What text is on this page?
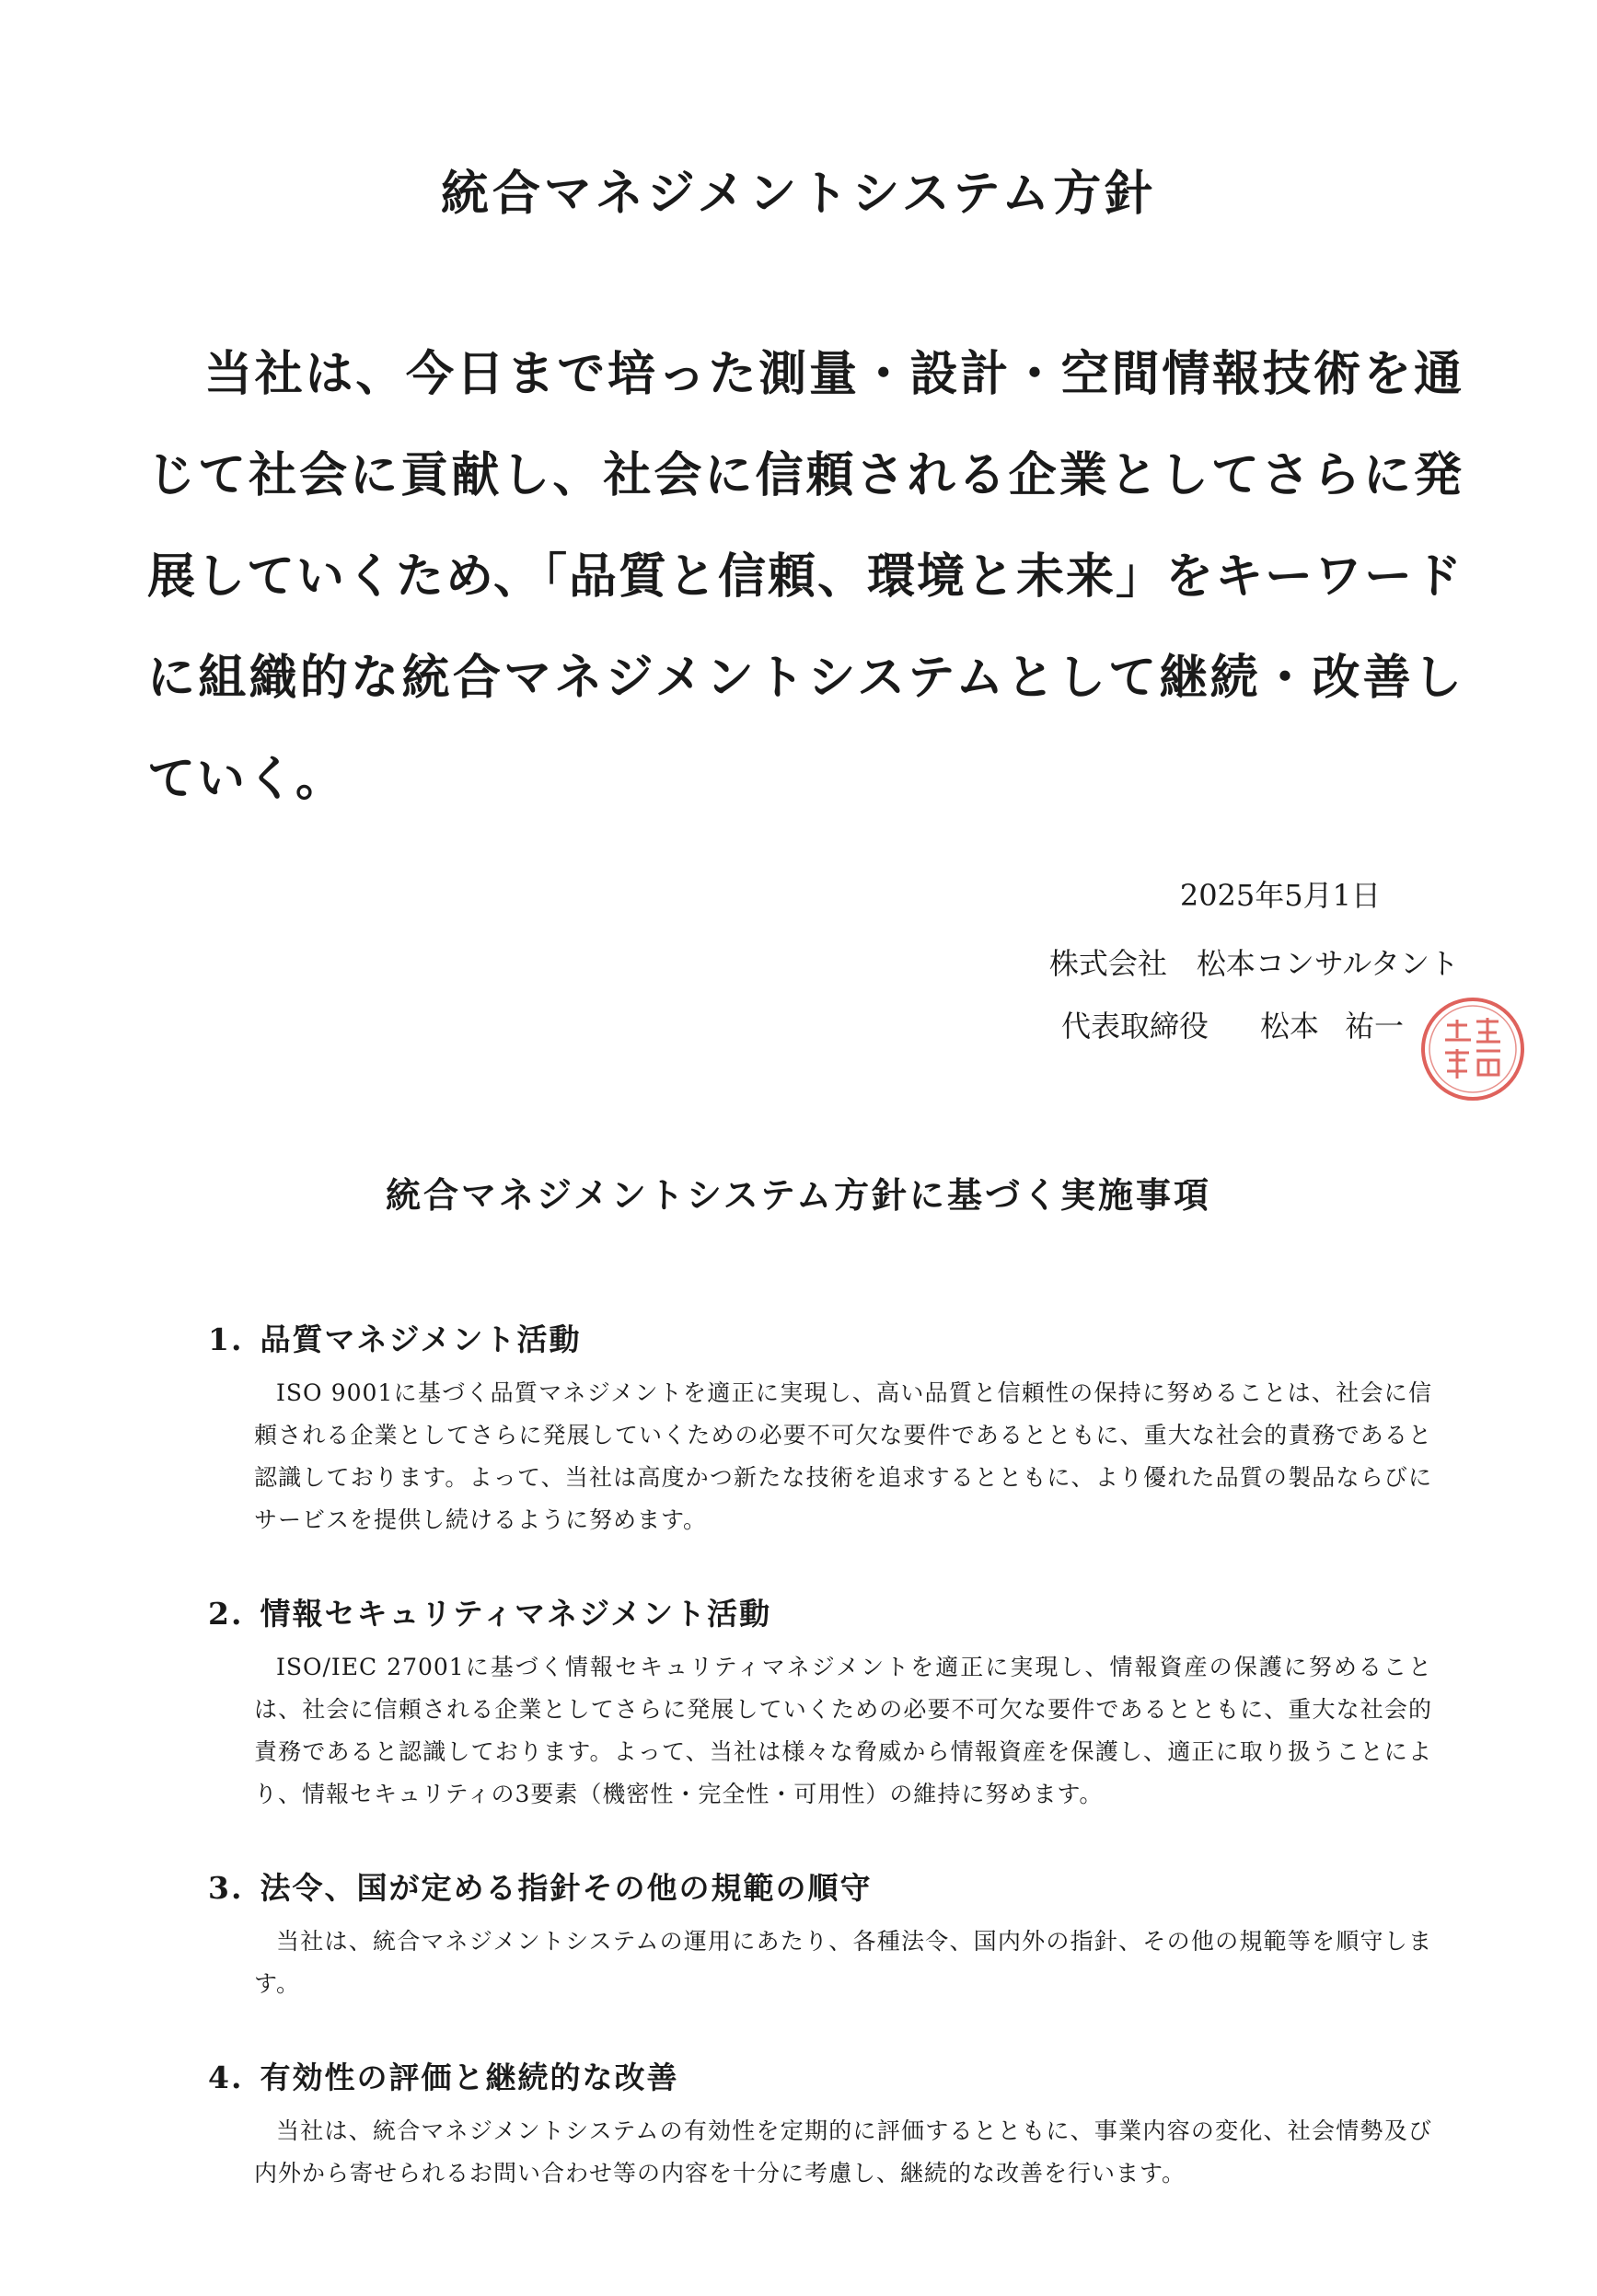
統合マネジメントシステム方針
当社は、今日まで培った測量・設計・空間情報技術を通じて社会に貢献し、社会に信頼される企業としてさらに発展していくため、「品質と信頼、環境と未来」をキーワードに組織的な統合マネジメントシステムとして継続・改善していく。
2025年5月1日
株式会社　松本コンサルタント
代表取締役 松本 祐一
統合マネジメントシステム方針に基づく実施事項
1. 品質マネジメント活動
ISO 9001に基づく品質マネジメントを適正に実現し、高い品質と信頼性の保持に努めることは、社会に信頼される企業としてさらに発展していくための必要不可欠な要件であるとともに、重大な社会的責務であると認識しております。よって、当社は高度かつ新たな技術を追求するとともに、より優れた品質の製品ならびにサービスを提供し続けるように努めます。
2. 情報セキュリティマネジメント活動
ISO/IEC 27001に基づく情報セキュリティマネジメントを適正に実現し、情報資産の保護に努めることは、社会に信頼される企業としてさらに発展していくための必要不可欠な要件であるとともに、重大な社会的責務であると認識しております。よって、当社は様々な脅威から情報資産を保護し、適正に取り扱うことにより、情報セキュリティの3要素（機密性・完全性・可用性）の維持に努めます。
3. 法令、国が定める指針その他の規範の順守
当社は、統合マネジメントシステムの運用にあたり、各種法令、国内外の指針、その他の規範等を順守します。
4. 有効性の評価と継続的な改善
当社は、統合マネジメントシステムの有効性を定期的に評価するとともに、事業内容の変化、社会情勢及び内外から寄せられるお問い合わせ等の内容を十分に考慮し、継続的な改善を行います。
